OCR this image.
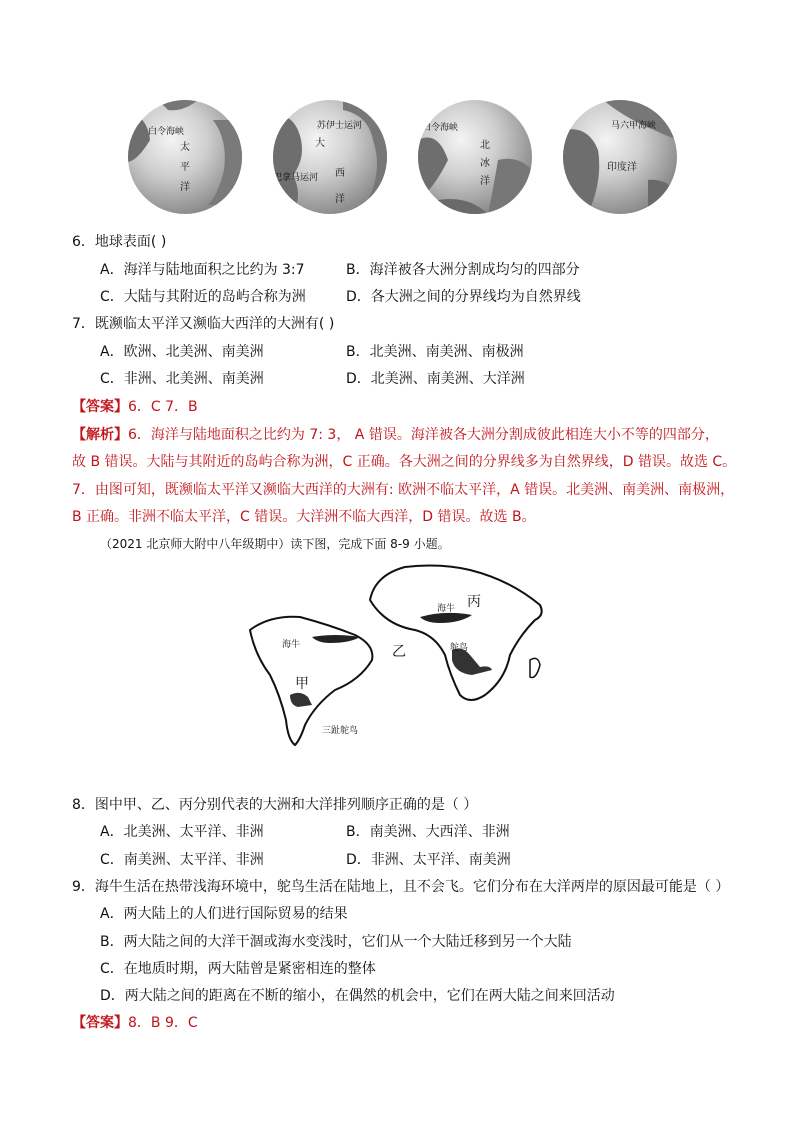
白令海峡
太
平
洋
苏伊士运河
大
西
洋
巴拿马运河
白令海峡
北
冰
洋
马六甲海峡
印度洋
6．地球表面( )
A．海洋与陆地面积之比约为 3:7	B．海洋被各大洲分割成均匀的四部分
C．大陆与其附近的岛屿合称为洲	D．各大洲之间的分界线均为自然界线
7．既濒临太平洋又濒临大西洋的大洲有( )
A．欧洲、北美洲、南美洲	B．北美洲、南美洲、南极洲
C．非洲、北美洲、南美洲	D．北美洲、南美洲、大洋洲
【答案】6．C 7．B
【解析】6．海洋与陆地面积之比约为 7: 3， A 错误。海洋被各大洲分割成彼此相连大小不等的四部分，
故 B 错误。大陆与其附近的岛屿合称为洲，C 正确。各大洲之间的分界线多为自然界线，D 错误。故选 C。
7．由图可知，既濒临太平洋又濒临大西洋的大洲有: 欧洲不临太平洋，A 错误。北美洲、南美洲、南极洲，
B 正确。非洲不临太平洋，C 错误。大洋洲不临大西洋，D 错误。故选 B。
（2021 北京师大附中八年级期中）读下图，完成下面 8-9 小题。
丙
乙
甲
海牛
鸵鸟
海牛
三趾鸵鸟
8．图中甲、乙、丙分别代表的大洲和大洋排列顺序正确的是（ ）
A．北美洲、太平洋、非洲	B．南美洲、大西洋、非洲
C．南美洲、太平洋、非洲	D．非洲、太平洋、南美洲
9．海牛生活在热带浅海环境中，鸵鸟生活在陆地上，且不会飞。它们分布在大洋两岸的原因最可能是（ ）
A．两大陆上的人们进行国际贸易的结果
B．两大陆之间的大洋干涸或海水变浅时，它们从一个大陆迁移到另一个大陆
C．在地质时期，两大陆曾是紧密相连的整体
D．两大陆之间的距离在不断的缩小，在偶然的机会中，它们在两大陆之间来回活动
【答案】8．B 9．C
